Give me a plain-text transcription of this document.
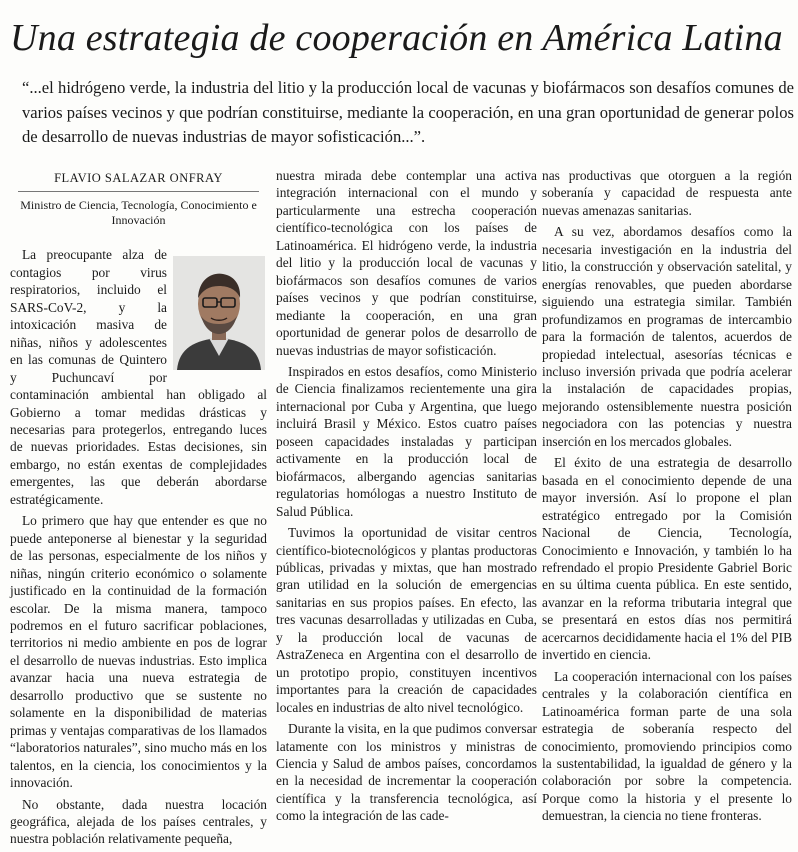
Una estrategia de cooperación en América Latina

“...el hidrógeno verde, la industria del litio y la producción local de vacunas y biofármacos son desafíos comunes de varios países vecinos y que podrían constituirse, mediante la cooperación, en una gran oportunidad de generar polos de desarrollo de nuevas industrias de mayor sofisticación...”.

FLAVIO SALAZAR ONFRAY
Ministro de Ciencia, Tecnología, Conocimiento e Innovación

La preocupante alza de contagios por virus respiratorios, incluido el SARS-CoV-2, y la intoxicación masiva de niñas, niños y adolescentes en las comunas de Quintero y Puchuncaví por contaminación ambiental han obligado al Gobierno a tomar medidas drásticas y necesarias para protegerlos, entregando luces de nuevas prioridades. Estas decisiones, sin embargo, no están exentas de complejidades emergentes, las que deberán abordarse estratégicamente.

Lo primero que hay que entender es que no puede anteponerse al bienestar y la seguridad de las personas, especialmente de los niños y niñas, ningún criterio económico o solamente justificado en la continuidad de la formación escolar. De la misma manera, tampoco podremos en el futuro sacrificar poblaciones, territorios ni medio ambiente en pos de lograr el desarrollo de nuevas industrias. Esto implica avanzar hacia una nueva estrategia de desarrollo productivo que se sustente no solamente en la disponibilidad de materias primas y ventajas comparativas de los llamados “laboratorios naturales”, sino mucho más en los talentos, en la ciencia, los conocimientos y la innovación.

No obstante, dada nuestra locación geográfica, alejada de los países centrales, y nuestra población relativamente pequeña,

nuestra mirada debe contemplar una activa integración internacional con el mundo y particularmente una estrecha cooperación científico-tecnológica con los países de Latinoamérica. El hidrógeno verde, la industria del litio y la producción local de vacunas y biofármacos son desafíos comunes de varios países vecinos y que podrían constituirse, mediante la cooperación, en una gran oportunidad de generar polos de desarrollo de nuevas industrias de mayor sofisticación.

Inspirados en estos desafíos, como Ministerio de Ciencia finalizamos recientemente una gira internacional por Cuba y Argentina, que luego incluirá Brasil y México. Estos cuatro países poseen capacidades instaladas y participan activamente en la producción local de biofármacos, albergando agencias sanitarias regulatorias homólogas a nuestro Instituto de Salud Pública.

Tuvimos la oportunidad de visitar centros científico-biotecnológicos y plantas productoras públicas, privadas y mixtas, que han mostrado gran utilidad en la solución de emergencias sanitarias en sus propios países. En efecto, las tres vacunas desarrolladas y utilizadas en Cuba, y la producción local de vacunas de AstraZeneca en Argentina con el desarrollo de un prototipo propio, constituyen incentivos importantes para la creación de capacidades locales en industrias de alto nivel tecnológico.

Durante la visita, en la que pudimos conversar latamente con los ministros y ministras de Ciencia y Salud de ambos países, concordamos en la necesidad de incrementar la cooperación científica y la transferencia tecnológica, así como la integración de las cade-

nas productivas que otorguen a la región soberanía y capacidad de respuesta ante nuevas amenazas sanitarias.

A su vez, abordamos desafíos como la necesaria investigación en la industria del litio, la construcción y observación satelital, y energías renovables, que pueden abordarse siguiendo una estrategia similar. También profundizamos en programas de intercambio para la formación de talentos, acuerdos de propiedad intelectual, asesorías técnicas e incluso inversión privada que podría acelerar la instalación de capacidades propias, mejorando ostensiblemente nuestra posición negociadora con las potencias y nuestra inserción en los mercados globales.

El éxito de una estrategia de desarrollo basada en el conocimiento depende de una mayor inversión. Así lo propone el plan estratégico entregado por la Comisión Nacional de Ciencia, Tecnología, Conocimiento e Innovación, y también lo ha refrendado el propio Presidente Gabriel Boric en su última cuenta pública. En este sentido, avanzar en la reforma tributaria integral que se presentará en estos días nos permitirá acercarnos decididamente hacia el 1% del PIB invertido en ciencia.

La cooperación internacional con los países centrales y la colaboración científica en Latinoamérica forman parte de una sola estrategia de soberanía respecto del conocimiento, promoviendo principios como la sustentabilidad, la igualdad de género y la colaboración por sobre la competencia. Porque como la historia y el presente lo demuestran, la ciencia no tiene fronteras.
